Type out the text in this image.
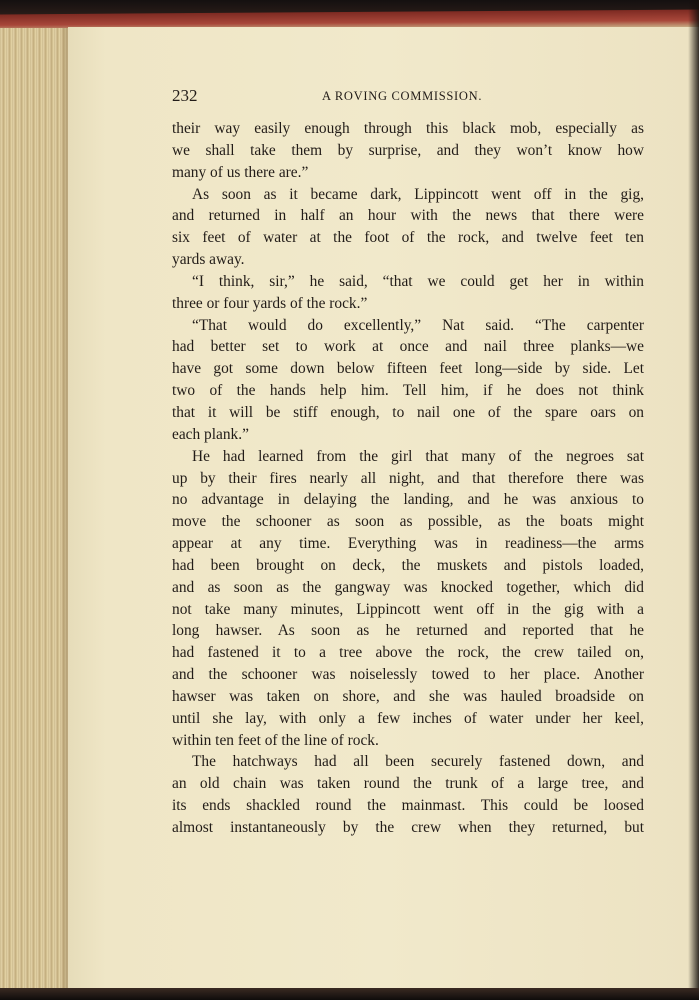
232	A ROVING COMMISSION.
their way easily enough through this black mob, especially as
we shall take them by surprise, and they won’t know how
many of us there are.”
As soon as it became dark, Lippincott went off in the gig,
and returned in half an hour with the news that there were
six feet of water at the foot of the rock, and twelve feet ten
yards away.
“I think, sir,” he said, “that we could get her in within
three or four yards of the rock.”
“That would do excellently,” Nat said. “The carpenter
had better set to work at once and nail three planks—we
have got some down below fifteen feet long—side by side. Let
two of the hands help him. Tell him, if he does not think
that it will be stiff enough, to nail one of the spare oars on
each plank.”
He had learned from the girl that many of the negroes sat
up by their fires nearly all night, and that therefore there was
no advantage in delaying the landing, and he was anxious to
move the schooner as soon as possible, as the boats might
appear at any time. Everything was in readiness—the arms
had been brought on deck, the muskets and pistols loaded,
and as soon as the gangway was knocked together, which did
not take many minutes, Lippincott went off in the gig with a
long hawser. As soon as he returned and reported that he
had fastened it to a tree above the rock, the crew tailed on,
and the schooner was noiselessly towed to her place. Another
hawser was taken on shore, and she was hauled broadside on
until she lay, with only a few inches of water under her keel,
within ten feet of the line of rock.
The hatchways had all been securely fastened down, and
an old chain was taken round the trunk of a large tree, and
its ends shackled round the mainmast. This could be loosed
almost instantaneously by the crew when they returned, but
